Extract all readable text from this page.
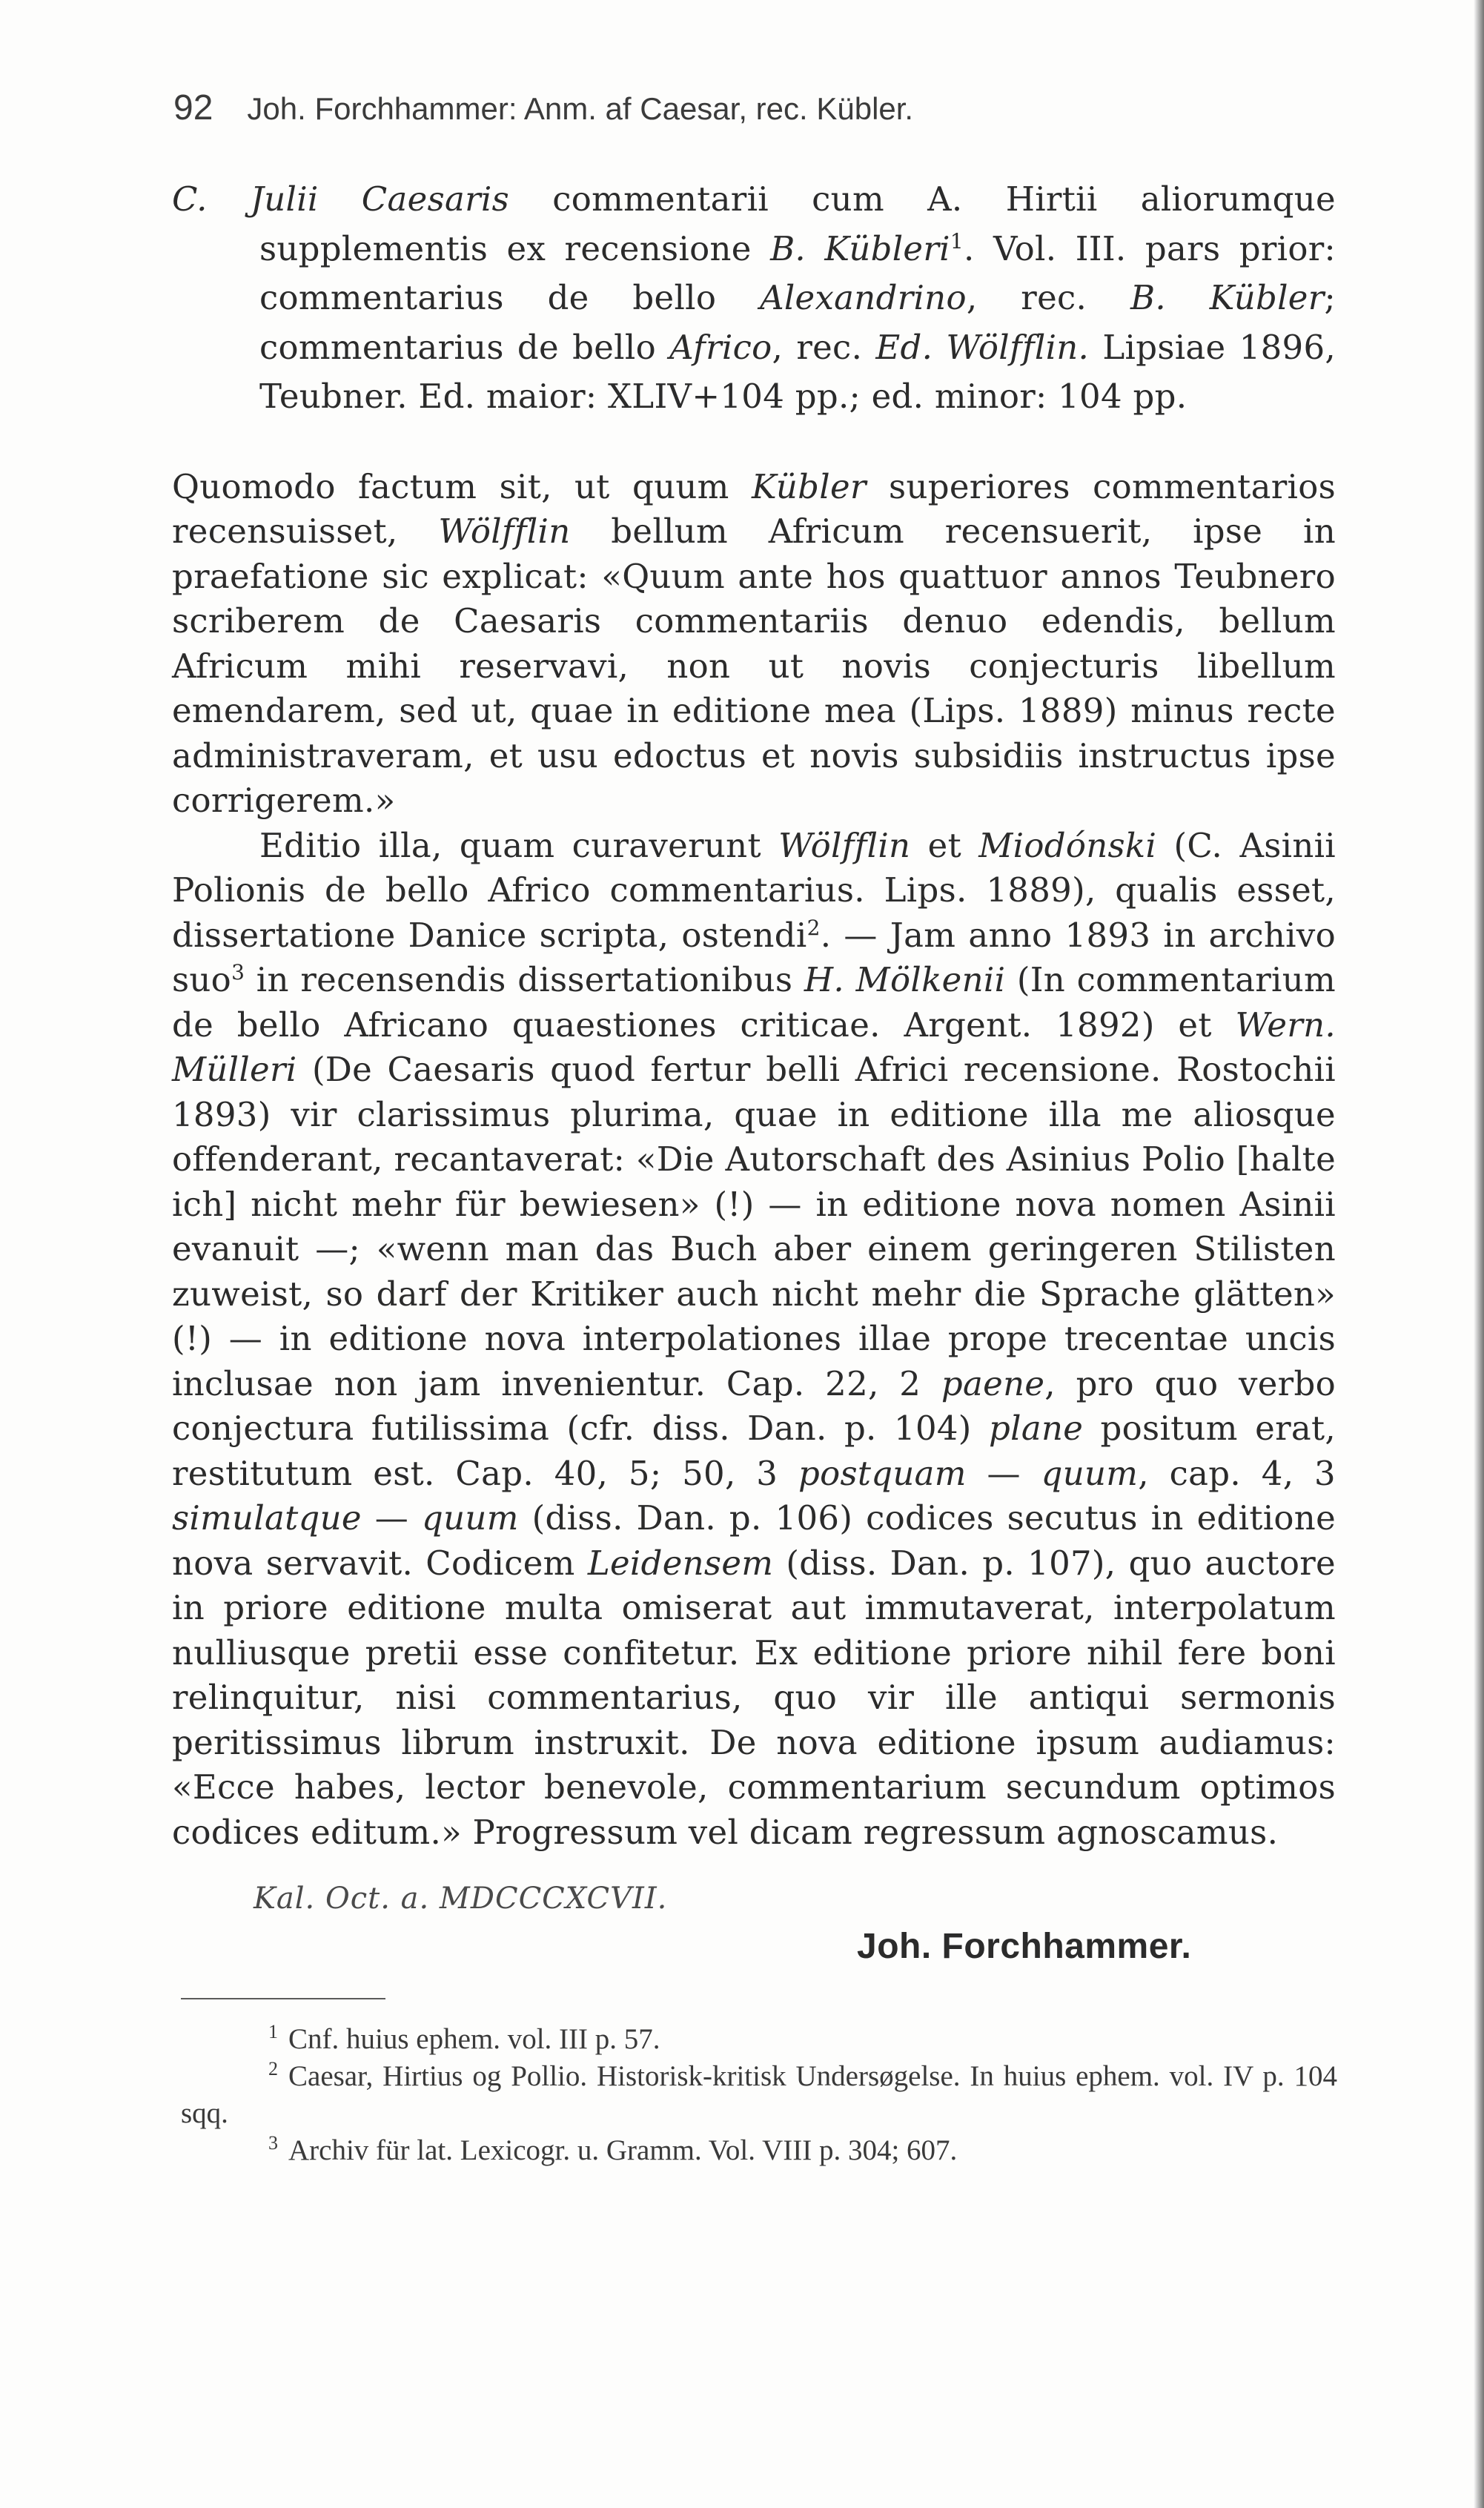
92 Joh. Forchhammer: Anm. af Caesar, rec. Kübler.

C. Julii Caesaris commentarii cum A. Hirtii aliorumque supplementis ex recensione B. Kübleri$^1$. Vol. III. pars prior: commentarius de bello Alexandrino, rec. B. Kübler; commentarius de bello Africo, rec. Ed. Wölfflin. Lipsiae 1896, Teubner. Ed. maior: XLIV+104 pp.; ed. minor: 104 pp.

Quomodo factum sit, ut quum Kübler superiores commentarios recensuisset, Wölfflin bellum Africum recensuerit, ipse in praefatione sic explicat: «Quum ante hos quattuor annos Teubnero scriberem de Caesaris commentariis denuo edendis, bellum Africum mihi reservavi, non ut novis conjecturis libellum emendarem, sed ut, quae in editione mea (Lips. 1889) minus recte administraveram, et usu edoctus et novis subsidiis instructus ipse corrigerem.»

Editio illa, quam curaverunt Wölfflin et Miodónski (C. Asinii Polionis de bello Africo commentarius. Lips. 1889), qualis esset, dissertatione Danice scripta, ostendi$^2$. — Jam anno 1893 in archivo suo$^3$ in recensendis dissertationibus H. Mölkenii (In commentarium de bello Africano quaestiones criticae. Argent. 1892) et Wern. Mülleri (De Caesaris quod fertur belli Africi recensione. Rostochii 1893) vir clarissimus plurima, quae in editione illa me aliosque offenderant, recantaverat: «Die Autorschaft des Asinius Polio [halte ich] nicht mehr für bewiesen» (!) — in editione nova nomen Asinii evanuit —; «wenn man das Buch aber einem geringeren Stilisten zuweist, so darf der Kritiker auch nicht mehr die Sprache glätten» (!) — in editione nova interpolationes illae prope trecentae uncis inclusae non jam invenientur. Cap. 22, 2 paene, pro quo verbo conjectura futilissima (cfr. diss. Dan. p. 104) plane positum erat, restitutum est. Cap. 40, 5; 50, 3 postquam — quum, cap. 4, 3 simulatque — quum (diss. Dan. p. 106) codices secutus in editione nova servavit. Codicem Leidensem (diss. Dan. p. 107), quo auctore in priore editione multa omiserat aut immutaverat, interpolatum nulliusque pretii esse confitetur. Ex editione priore nihil fere boni relinquitur, nisi commentarius, quo vir ille antiqui sermonis peritissimus librum instruxit. De nova editione ipsum audiamus: «Ecce habes, lector benevole, commentarium secundum optimos codices editum.» Progressum vel dicam regressum agnoscamus.

Kal. Oct. a. MDCCCXCVII.
Joh. Forchhammer.

$^1$ Cnf. huius ephem. vol. III p. 57.

$^2$ Caesar, Hirtius og Pollio. Historisk-kritisk Undersøgelse. In huius ephem. vol. IV p. 104 sqq.

$^3$ Archiv für lat. Lexicogr. u. Gramm. Vol. VIII p. 304; 607.
